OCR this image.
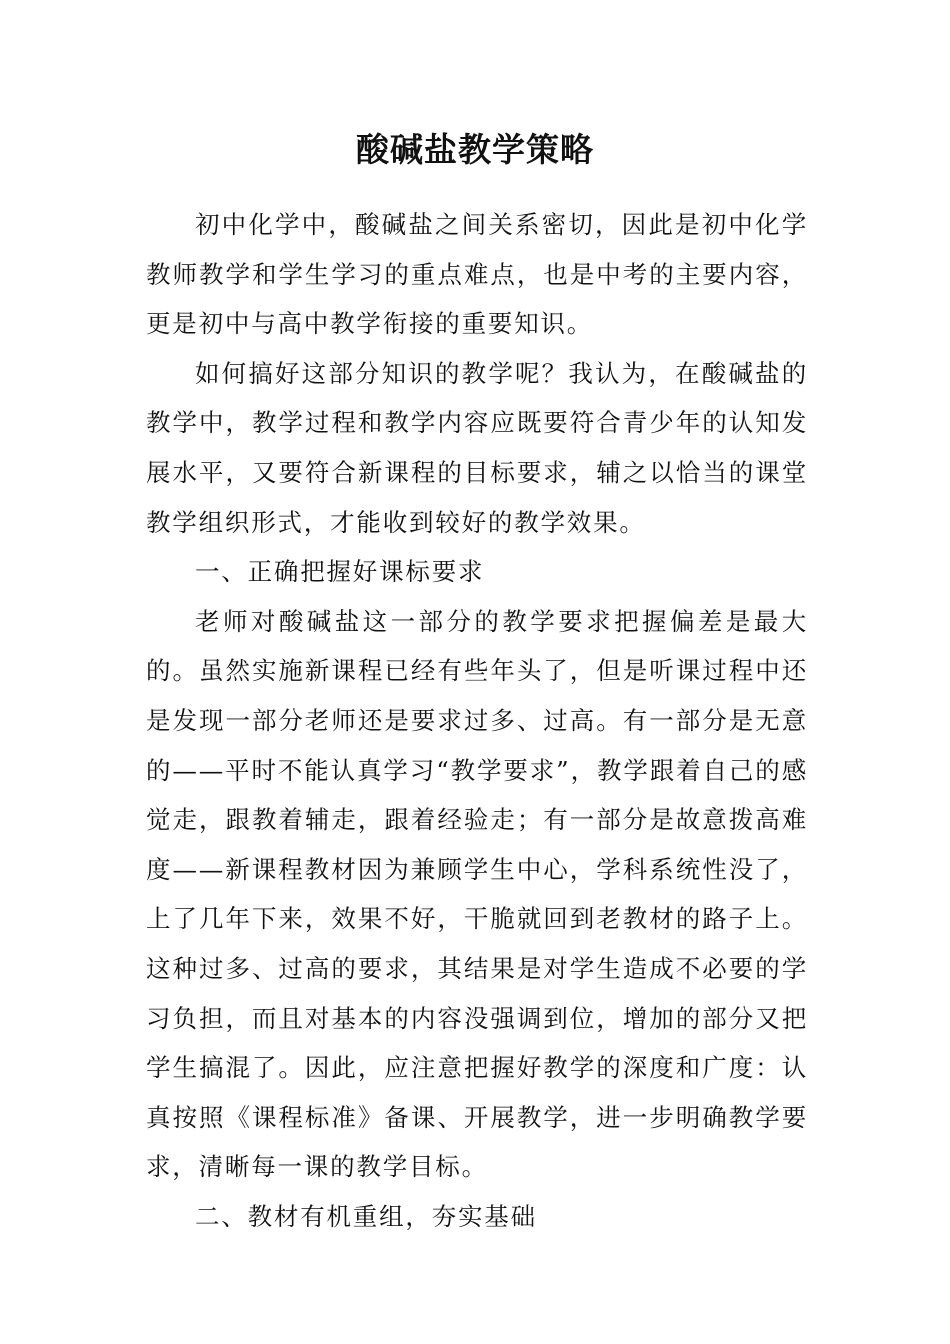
酸碱盐教学策略

初中化学中，酸碱盐之间关系密切，因此是初中化学教师教学和学生学习的重点难点，也是中考的主要内容，更是初中与高中教学衔接的重要知识。

如何搞好这部分知识的教学呢？我认为，在酸碱盐的教学中，教学过程和教学内容应既要符合青少年的认知发展水平，又要符合新课程的目标要求，辅之以恰当的课堂教学组织形式，才能收到较好的教学效果。

一、正确把握好课标要求

老师对酸碱盐这一部分的教学要求把握偏差是最大的。虽然实施新课程已经有些年头了，但是听课过程中还是发现一部分老师还是要求过多、过高。有一部分是无意的——平时不能认真学习“教学要求”，教学跟着自己的感觉走，跟教着辅走，跟着经验走；有一部分是故意拨高难度——新课程教材因为兼顾学生中心，学科系统性没了，上了几年下来，效果不好，干脆就回到老教材的路子上。这种过多、过高的要求，其结果是对学生造成不必要的学习负担，而且对基本的内容没强调到位，增加的部分又把学生搞混了。因此，应注意把握好教学的深度和广度：认真按照《课程标准》备课、开展教学，进一步明确教学要求，清晰每一课的教学目标。

二、教材有机重组，夯实基础
